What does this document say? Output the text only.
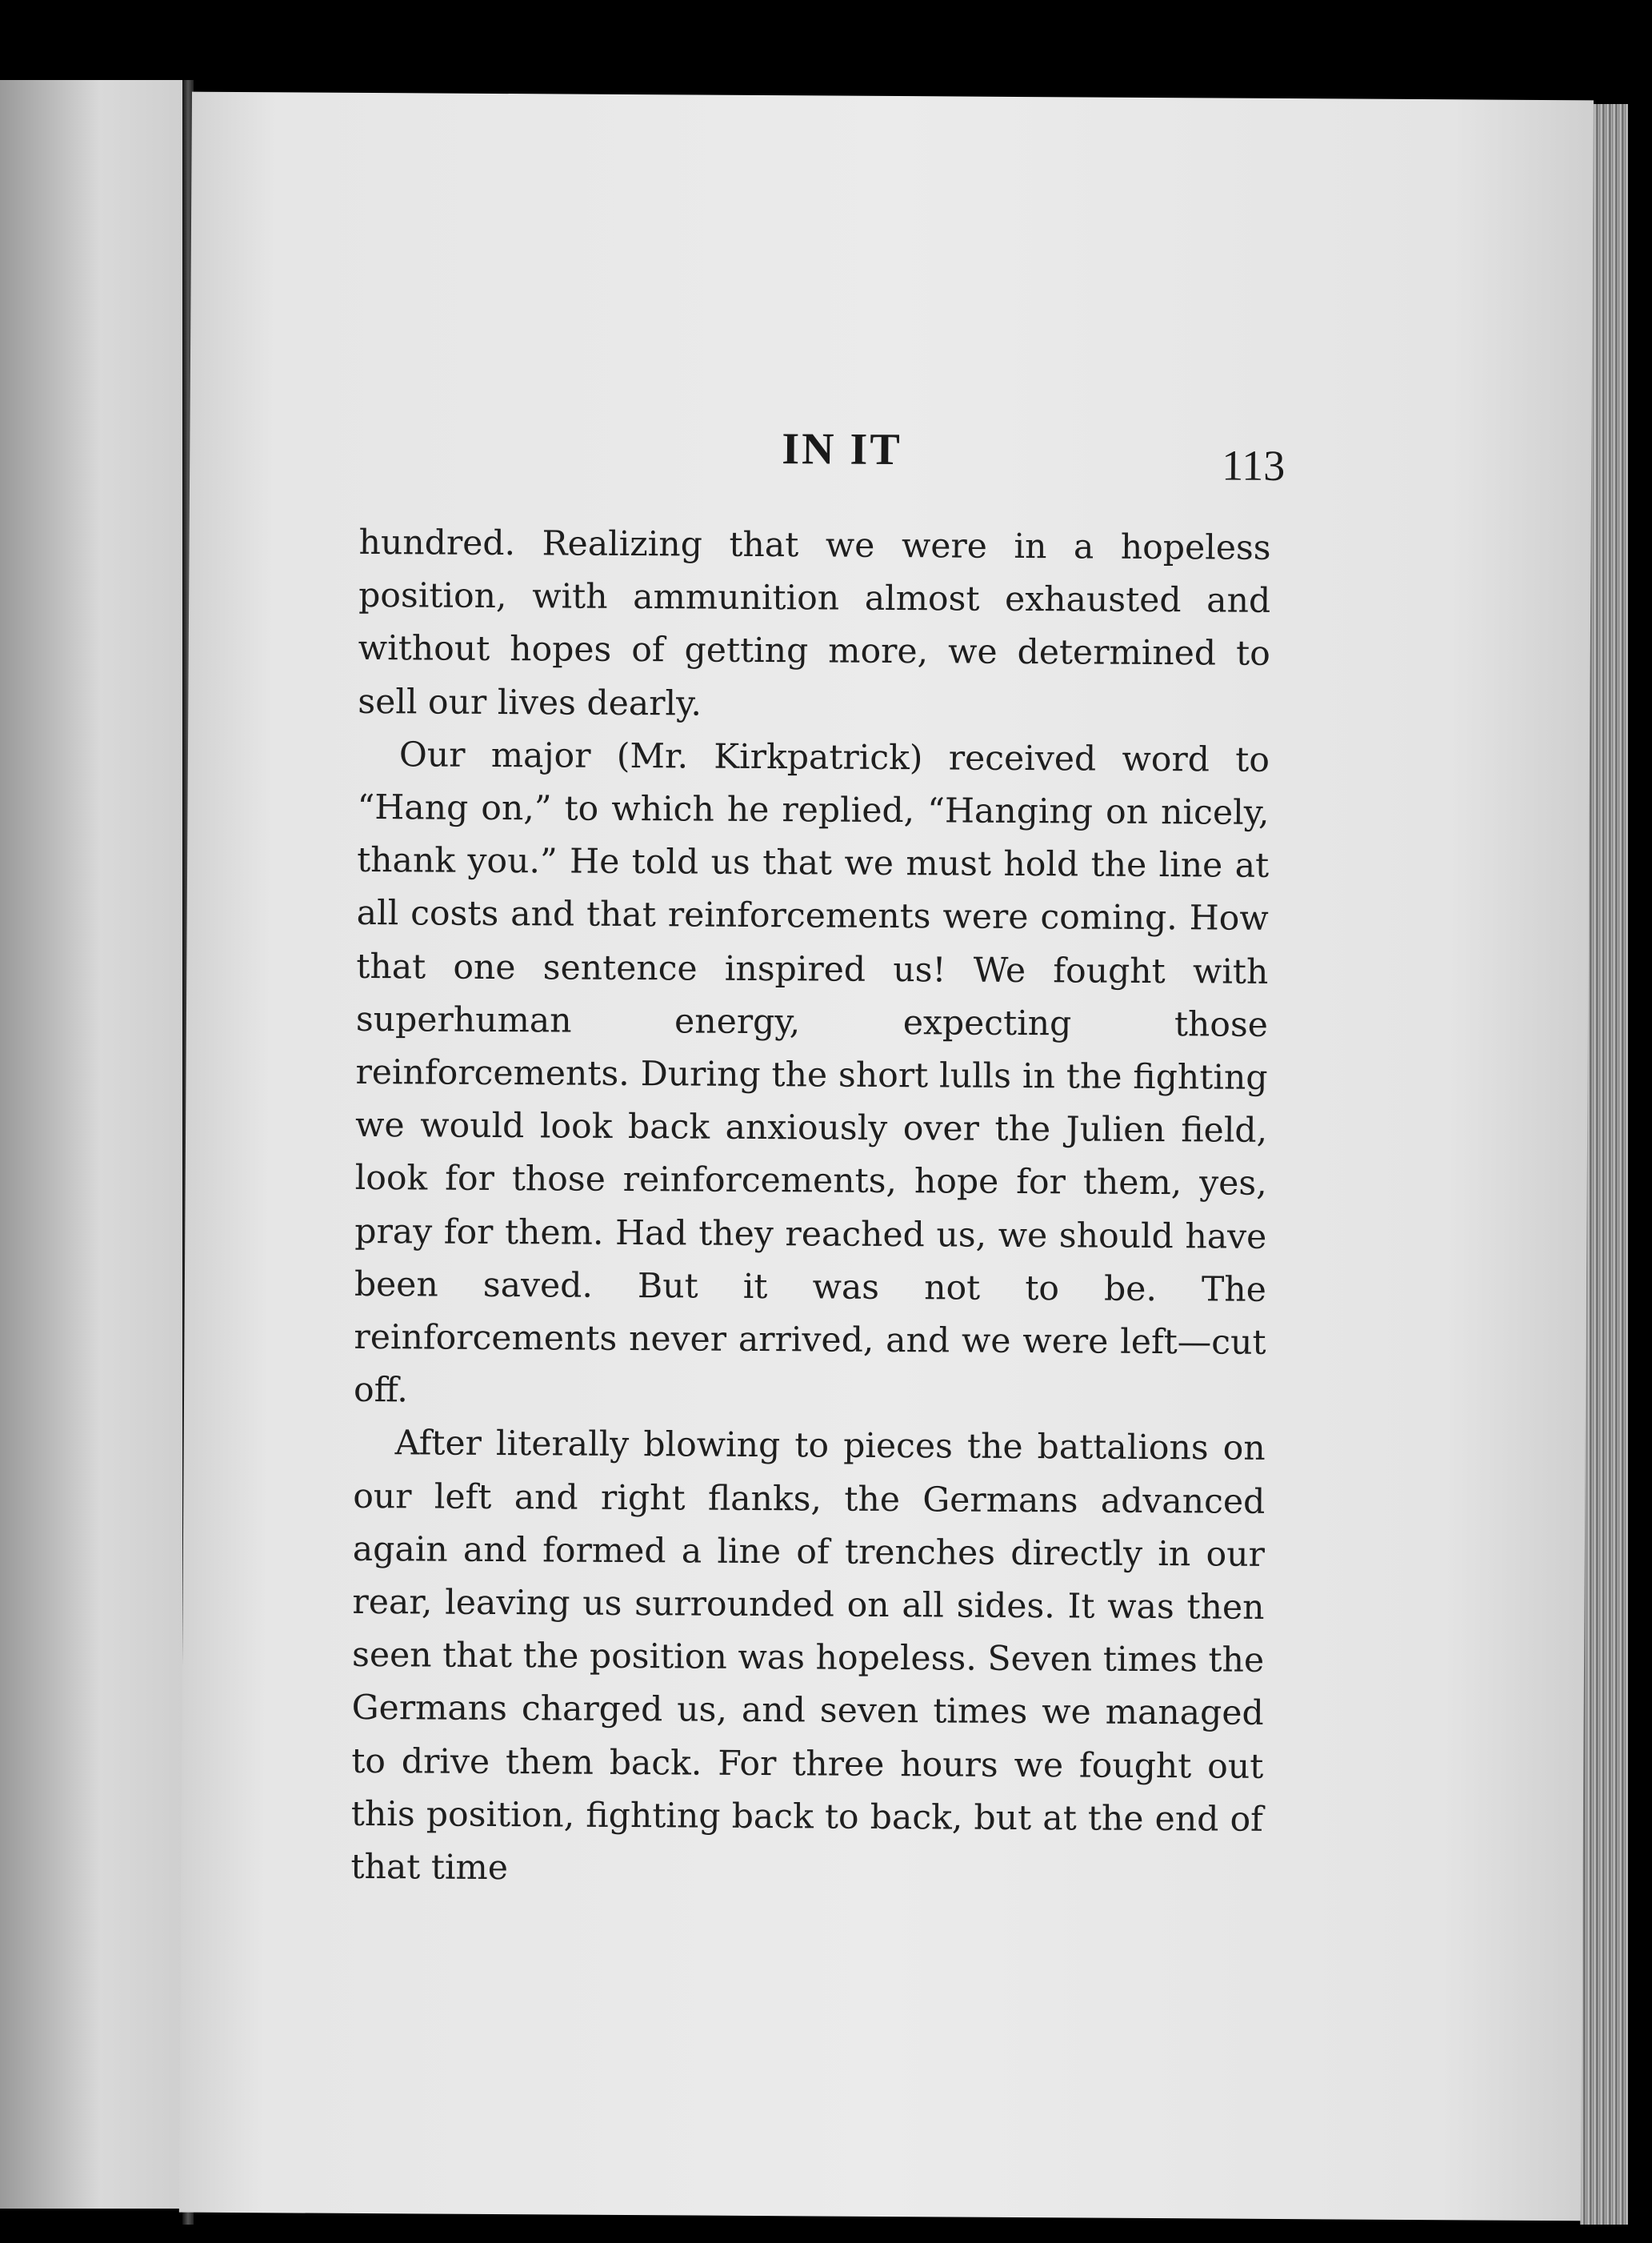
IN IT	113

hundred. Realizing that we were in a hopeless position, with ammunition almost exhausted and without hopes of getting more, we determined to sell our lives dearly.

Our major (Mr. Kirkpatrick) received word to “Hang on,” to which he replied, “Hanging on nicely, thank you.” He told us that we must hold the line at all costs and that reinforcements were coming. How that one sentence inspired us! We fought with superhuman energy, expecting those reinforcements. During the short lulls in the fighting we would look back anxiously over the Julien field, look for those reinforcements, hope for them, yes, pray for them. Had they reached us, we should have been saved. But it was not to be. The reinforcements never arrived, and we were left—cut off.

After literally blowing to pieces the battalions on our left and right flanks, the Germans advanced again and formed a line of trenches directly in our rear, leaving us surrounded on all sides. It was then seen that the position was hopeless. Seven times the Germans charged us, and seven times we managed to drive them back. For three hours we fought out this position, fighting back to back, but at the end of that time
